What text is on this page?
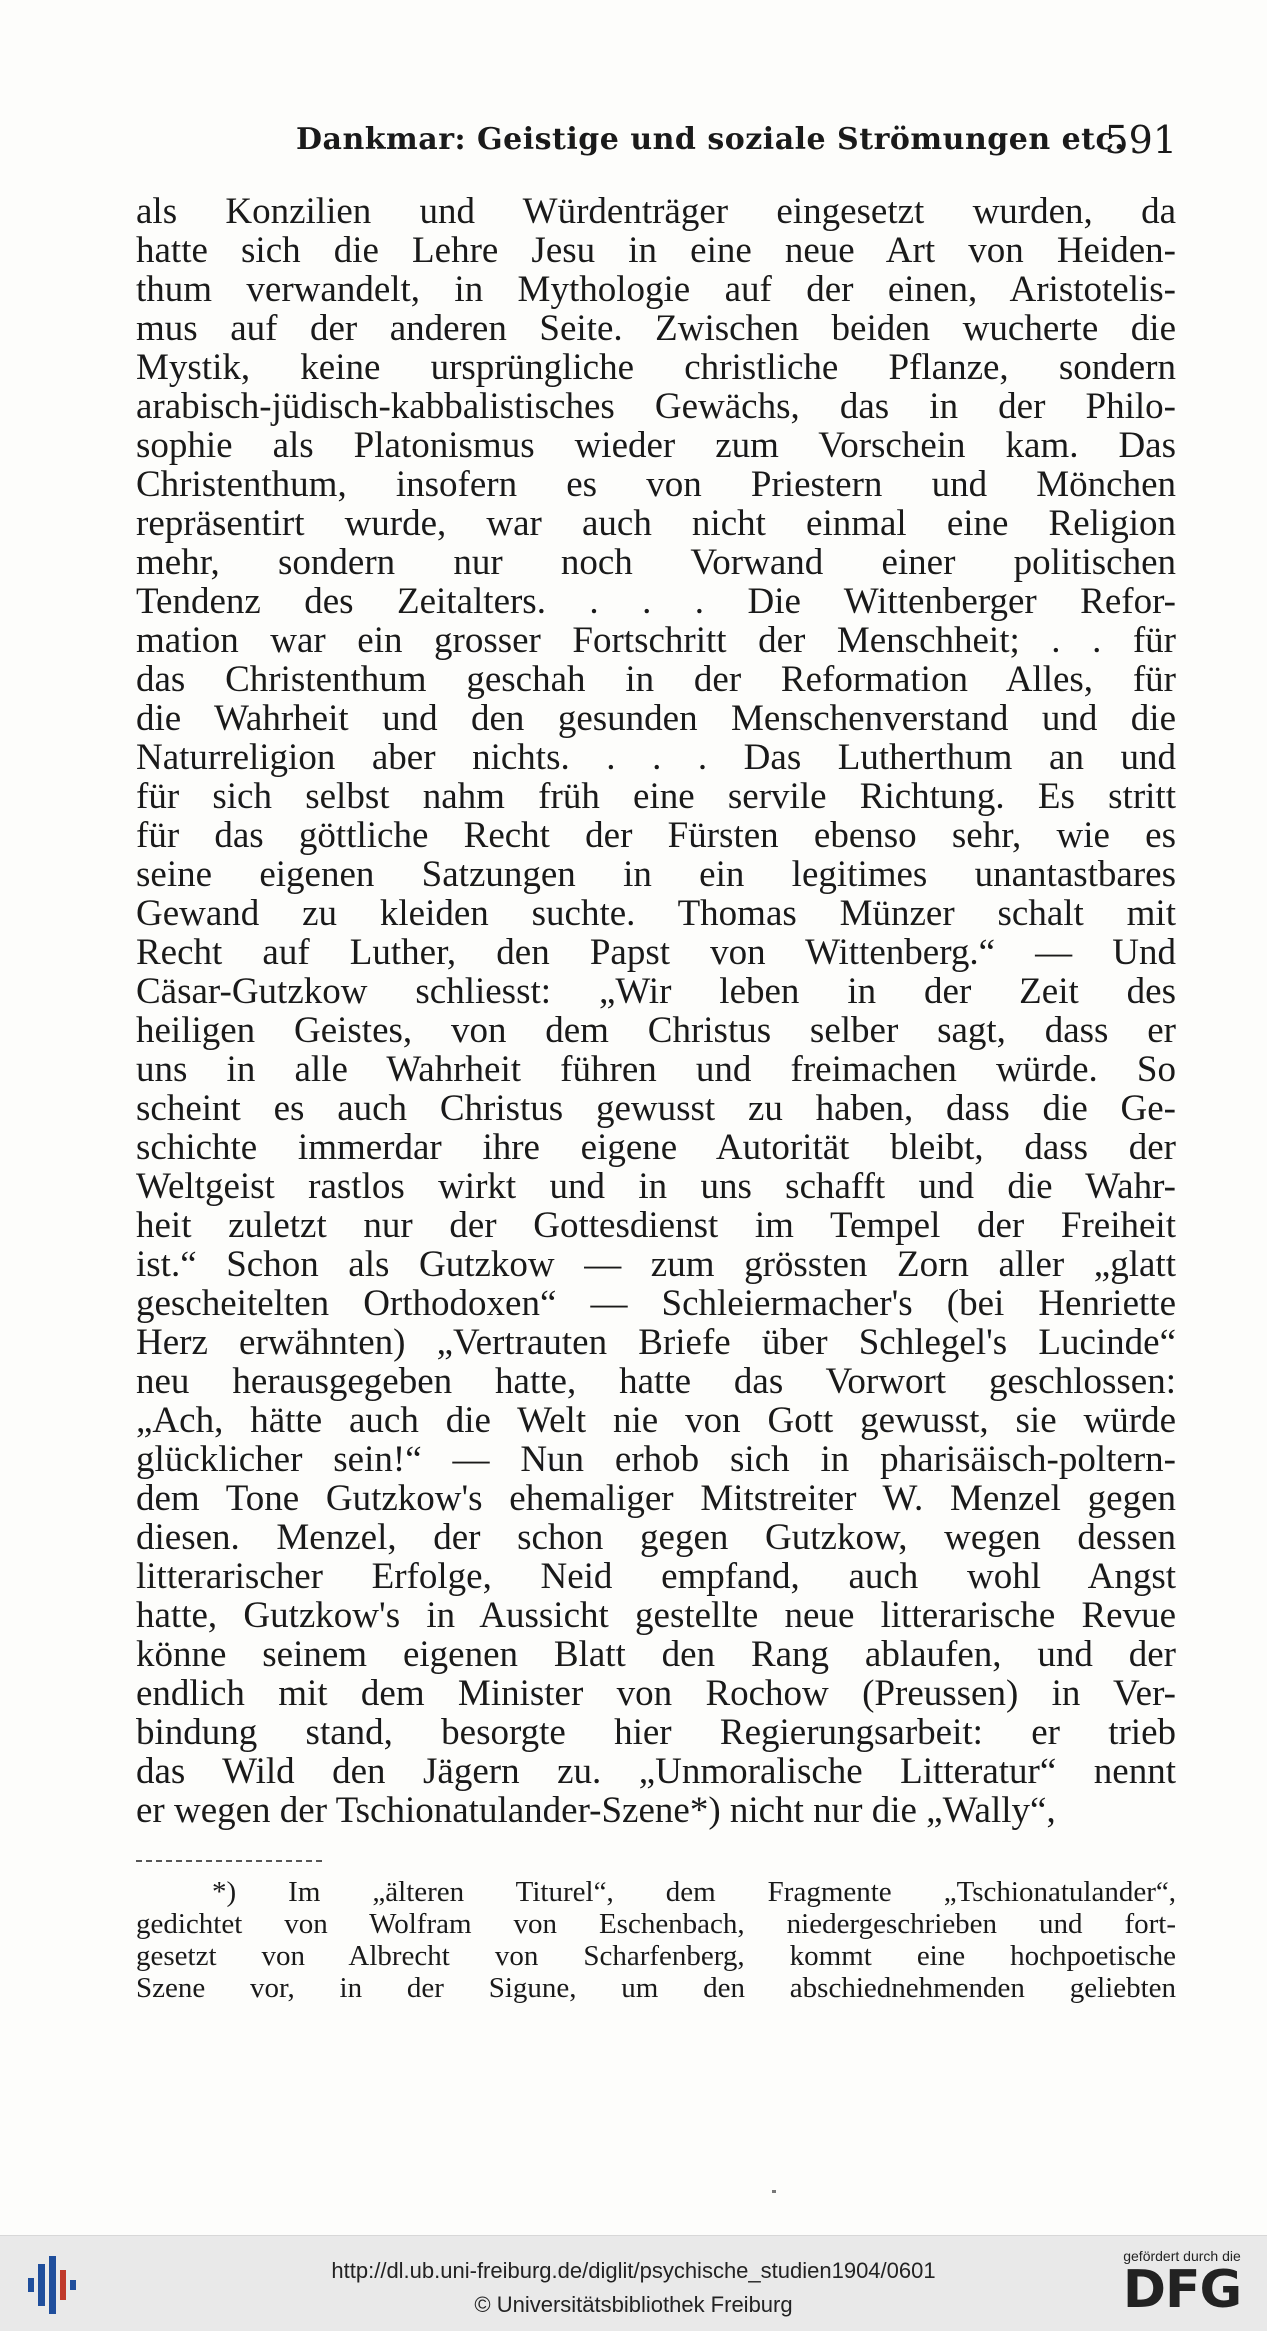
Dankmar: Geistige und soziale Strömungen etc.
591
als Konzilien und Würdenträger eingesetzt wurden, da
hatte sich die Lehre Jesu in eine neue Art von Heiden-
thum verwandelt, in Mythologie auf der einen, Aristotelis-
mus auf der anderen Seite. Zwischen beiden wucherte die
Mystik, keine ursprüngliche christliche Pflanze, sondern
arabisch-jüdisch-kabbalistisches Gewächs, das in der Philo-
sophie als Platonismus wieder zum Vorschein kam. Das
Christenthum, insofern es von Priestern und Mönchen
repräsentirt wurde, war auch nicht einmal eine Religion
mehr, sondern nur noch Vorwand einer politischen
Tendenz des Zeitalters. . . . Die Wittenberger Refor-
mation war ein grosser Fortschritt der Menschheit; . . für
das Christenthum geschah in der Reformation Alles, für
die Wahrheit und den gesunden Menschenverstand und die
Naturreligion aber nichts. . . . Das Lutherthum an und
für sich selbst nahm früh eine servile Richtung. Es stritt
für das göttliche Recht der Fürsten ebenso sehr, wie es
seine eigenen Satzungen in ein legitimes unantastbares
Gewand zu kleiden suchte. Thomas Münzer schalt mit
Recht auf Luther, den Papst von Wittenberg.“ — Und
Cäsar-Gutzkow schliesst: „Wir leben in der Zeit des
heiligen Geistes, von dem Christus selber sagt, dass er
uns in alle Wahrheit führen und freimachen würde. So
scheint es auch Christus gewusst zu haben, dass die Ge-
schichte immerdar ihre eigene Autorität bleibt, dass der
Weltgeist rastlos wirkt und in uns schafft und die Wahr-
heit zuletzt nur der Gottesdienst im Tempel der Freiheit
ist.“ Schon als Gutzkow — zum grössten Zorn aller „glatt
gescheitelten Orthodoxen“ — Schleiermacher's (bei Henriette
Herz erwähnten) „Vertrauten Briefe über Schlegel's Lucinde“
neu herausgegeben hatte, hatte das Vorwort geschlossen:
„Ach, hätte auch die Welt nie von Gott gewusst, sie würde
glücklicher sein!“ — Nun erhob sich in pharisäisch-poltern-
dem Tone Gutzkow's ehemaliger Mitstreiter W. Menzel gegen
diesen. Menzel, der schon gegen Gutzkow, wegen dessen
litterarischer Erfolge, Neid empfand, auch wohl Angst
hatte, Gutzkow's in Aussicht gestellte neue litterarische Revue
könne seinem eigenen Blatt den Rang ablaufen, und der
endlich mit dem Minister von Rochow (Preussen) in Ver-
bindung stand, besorgte hier Regierungsarbeit: er trieb
das Wild den Jägern zu. „Unmoralische Litteratur“ nennt
er wegen der Tschionatulander-Szene*) nicht nur die „Wally“,
*) Im „älteren Titurel“, dem Fragmente „Tschionatulander“,
gedichtet von Wolfram von Eschenbach, niedergeschrieben und fort-
gesetzt von Albrecht von Scharfenberg, kommt eine hochpoetische
Szene vor, in der Sigune, um den abschiednehmenden geliebten
http://dl.ub.uni-freiburg.de/diglit/psychische_studien1904/0601
© Universitätsbibliothek Freiburg
gefördert durch die
DFG
